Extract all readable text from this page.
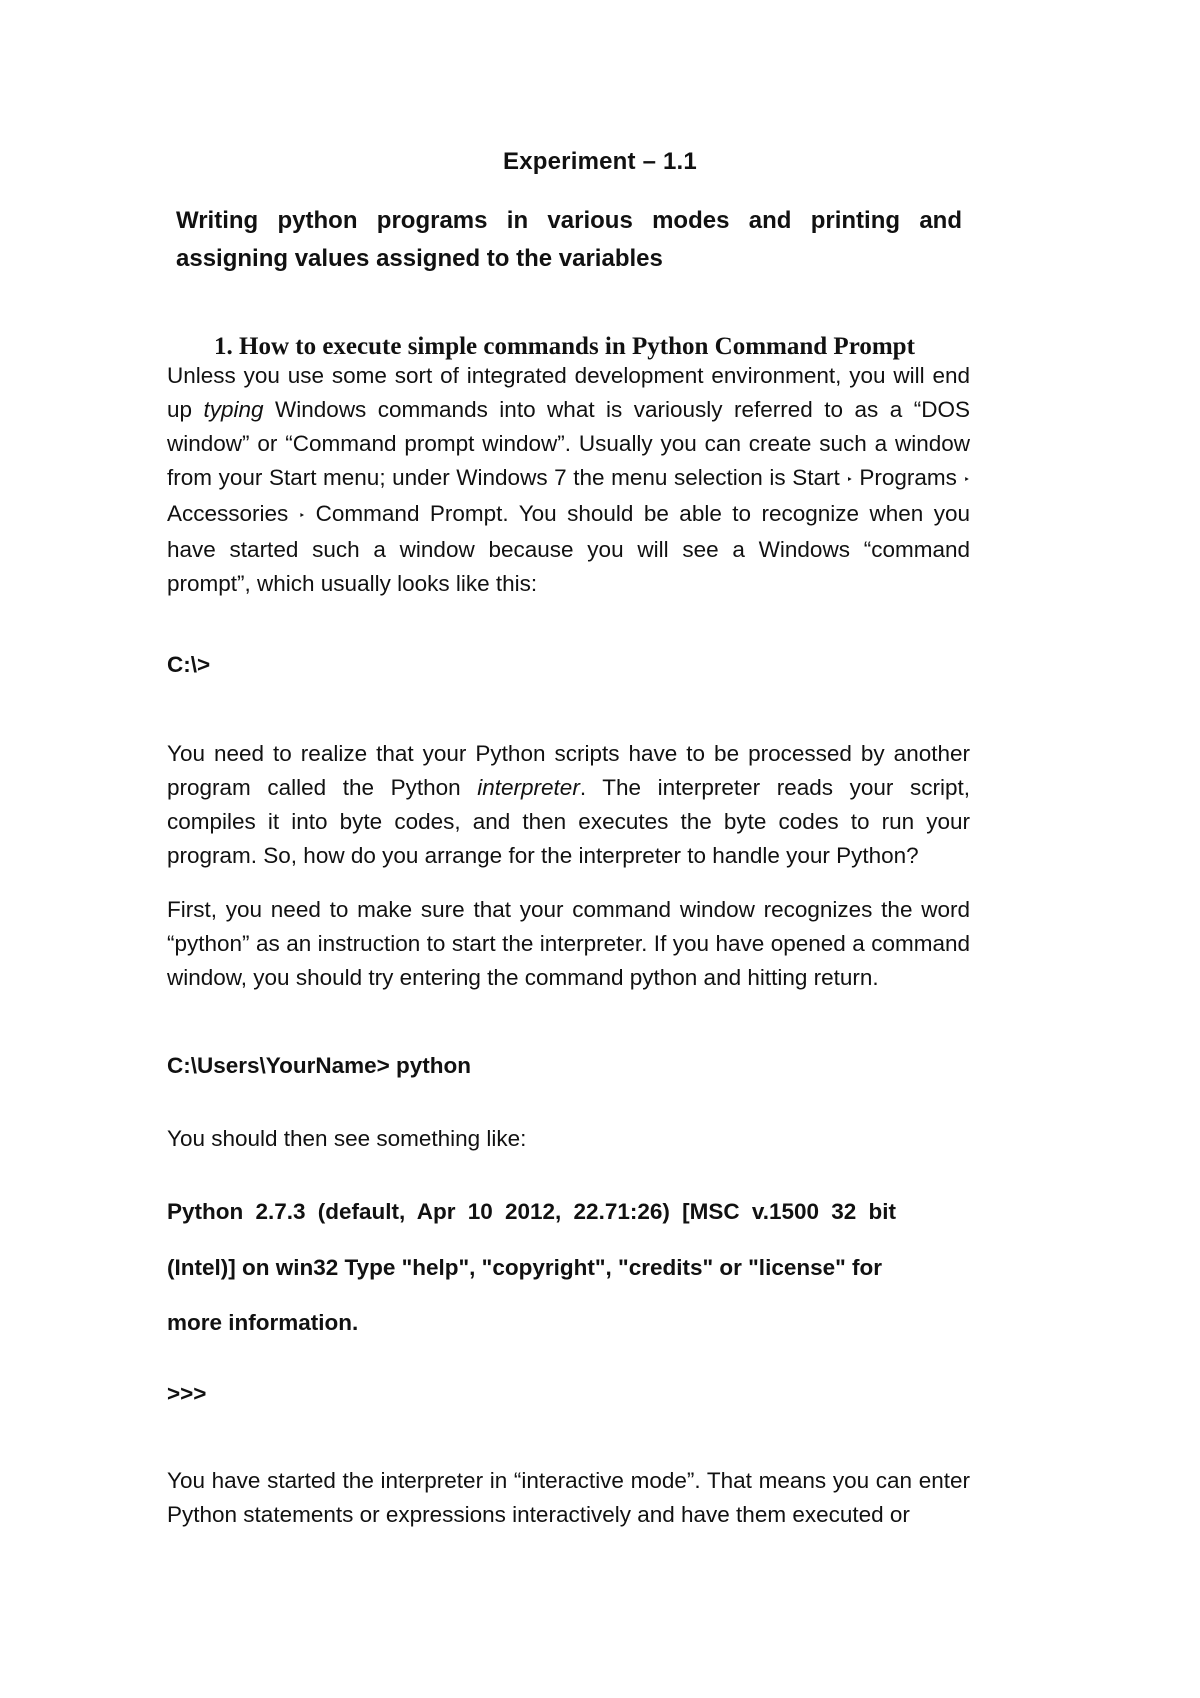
Experiment – 1.1
Writing python programs in various modes and printing and assigning values assigned to the variables
1. How to execute simple commands in Python Command Prompt

Unless you use some sort of integrated development environment, you will end up typing Windows commands into what is variously referred to as a “DOS window” or “Command prompt window”. Usually you can create such a window from your Start menu; under Windows 7 the menu selection is Start ‣ Programs ‣ Accessories ‣ Command Prompt. You should be able to recognize when you have started such a window because you will see a Windows “command prompt”, which usually looks like this:

C:\>

You need to realize that your Python scripts have to be processed by another program called the Python interpreter. The interpreter reads your script, compiles it into byte codes, and then executes the byte codes to run your program. So, how do you arrange for the interpreter to handle your Python?

First, you need to make sure that your command window recognizes the word “python” as an instruction to start the interpreter. If you have opened a command window, you should try entering the command python and hitting return.

C:\Users\YourName> python
You should then see something like:
Python 2.7.3 (default, Apr 10 2012, 22.71:26) [MSC v.1500 32 bit
(Intel)] on win32 Type "help", "copyright", "credits" or "license" for
more information.
>>>

You have started the interpreter in “interactive mode”. That means you can enter Python statements or expressions interactively and have them executed or
